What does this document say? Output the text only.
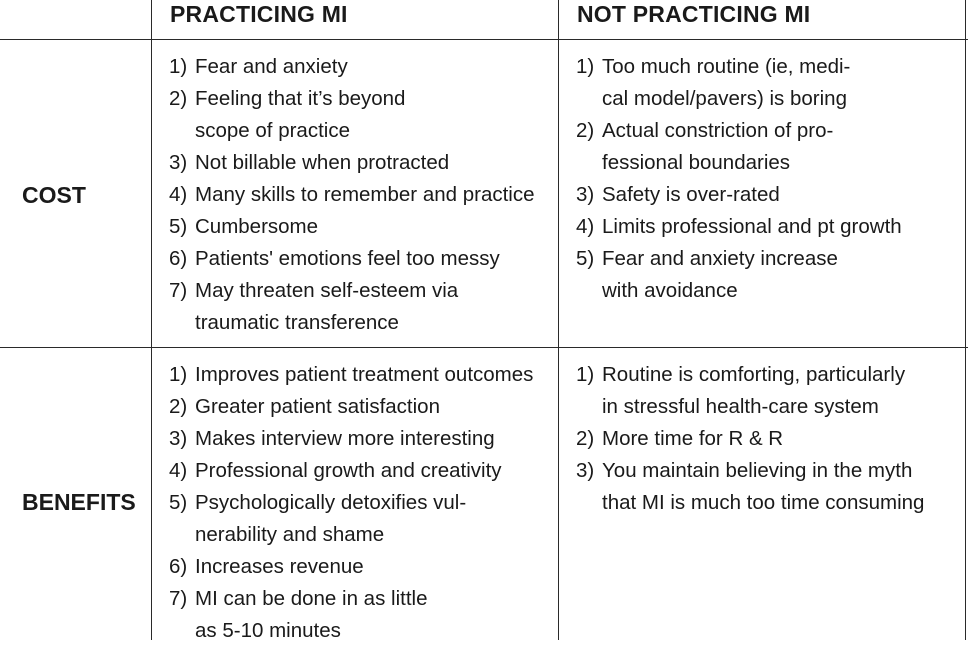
PRACTICING MI	NOT PRACTICING MI
COST
BENEFITS
1) Fear and anxiety
2) Feeling that it’s beyond
scope of practice
3) Not billable when protracted
4) Many skills to remember and practice
5) Cumbersome
6) Patients' emotions feel too messy
7) May threaten self-esteem via
traumatic transference
1) Too much routine (ie, medi-
cal model/pavers) is boring
2) Actual constriction of pro-
fessional boundaries
3) Safety is over-rated
4) Limits professional and pt growth
5) Fear and anxiety increase
with avoidance
1) Improves patient treatment outcomes
2) Greater patient satisfaction
3) Makes interview more interesting
4) Professional growth and creativity
5) Psychologically detoxifies vul-
nerability and shame
6) Increases revenue
7) MI can be done in as little
as 5-10 minutes
1) Routine is comforting, particularly
in stressful health-care system
2) More time for R & R
3) You maintain believing in the myth
that MI is much too time consuming
